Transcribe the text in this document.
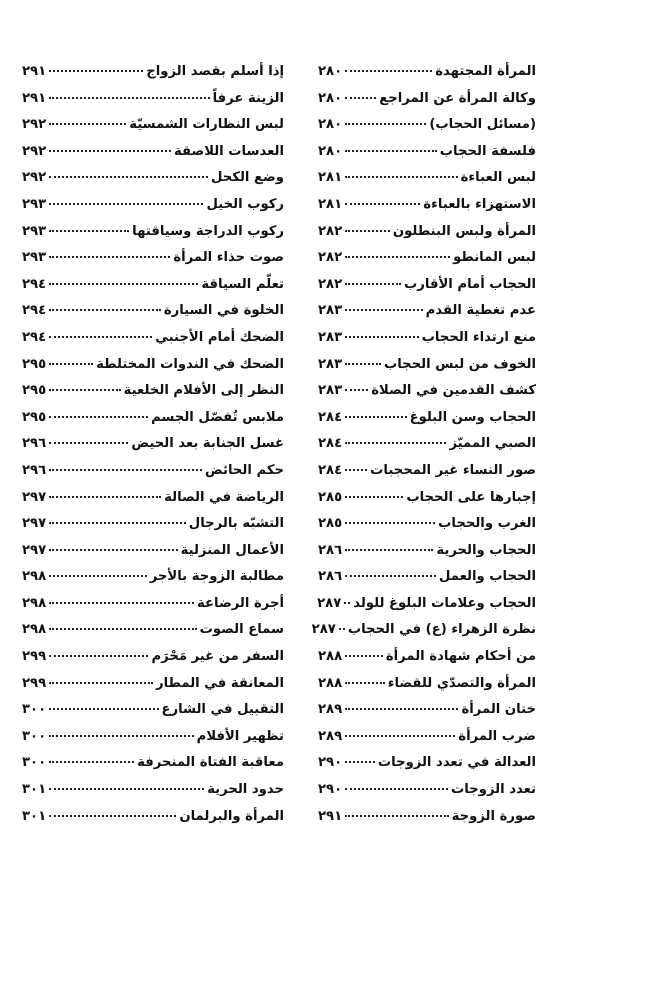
المرأة المجتهدة
٢٨٠
وكالة المرأة عن المراجع
٢٨٠
(مسائل الحجاب)
٢٨٠
فلسفة الحجاب
٢٨٠
لبس العباءة
٢٨١
الاستهزاء بالعباءة
٢٨١
المرأة ولبس البنطلون
٢٨٢
لبس المانطو
٢٨٢
الحجاب أمام الأقارب
٢٨٢
عدم تغطية القدم
٢٨٣
منع ارتداء الحجاب
٢٨٣
الخوف من لبس الحجاب
٢٨٣
كشف القدمين في الصلاة
٢٨٣
الحجاب وسن البلوغ
٢٨٤
الصبي المميّز
٢٨٤
صور النساء غير المحجبات
٢٨٤
إجبارها على الحجاب
٢٨٥
الغرب والحجاب
٢٨٥
الحجاب والحرية
٢٨٦
الحجاب والعمل
٢٨٦
الحجاب وعلامات البلوغ للولد
٢٨٧
نظرة الزهراء (ع) في الحجاب
٢٨٧
من أحكام شهادة المرأة
٢٨٨
المرأة والتصدّي للقضاء
٢٨٨
ختان المرأة
٢٨٩
ضرب المرأة
٢٨٩
العدالة في تعدد الزوجات
٢٩٠
تعدد الزوجات
٢٩٠
صورة الزوجة
٢٩١
إذا أسلم بقصد الزواج
٢٩١
الزينة عرفاً
٢٩١
لبس النظارات الشمسيّة
٢٩٢
العدسات اللاصقة
٢٩٢
وضع الكحل
٢٩٢
ركوب الخيل
٢٩٣
ركوب الدراجة وسياقتها
٢٩٣
صوت حذاء المرأة
٢٩٣
تعلّم السياقة
٢٩٤
الخلوة في السيارة
٢٩٤
الضحك أمام الأجنبي
٢٩٤
الضحك في الندوات المختلطة
٢٩٥
النظر إلى الأفلام الخلعية
٢٩٥
ملابس تُفصّل الجسم
٢٩٥
غسل الجنابة بعد الحيض
٢٩٦
حكم الحائض
٢٩٦
الرياضة في الصالة
٢٩٧
التشبّه بالرجال
٢٩٧
الأعمال المنزلية
٢٩٧
مطالبة الزوجة بالأجر
٢٩٨
أجرة الرضاعة
٢٩٨
سماع الصوت
٢٩٨
السفر من غير مَحْرَم
٢٩٩
المعانقة في المطار
٢٩٩
التقبيل في الشارع
٣٠٠
تظهير الأفلام
٣٠٠
معاقبة الفتاة المنحرفة
٣٠٠
حدود الحرية
٣٠١
المرأة والبرلمان
٣٠١
